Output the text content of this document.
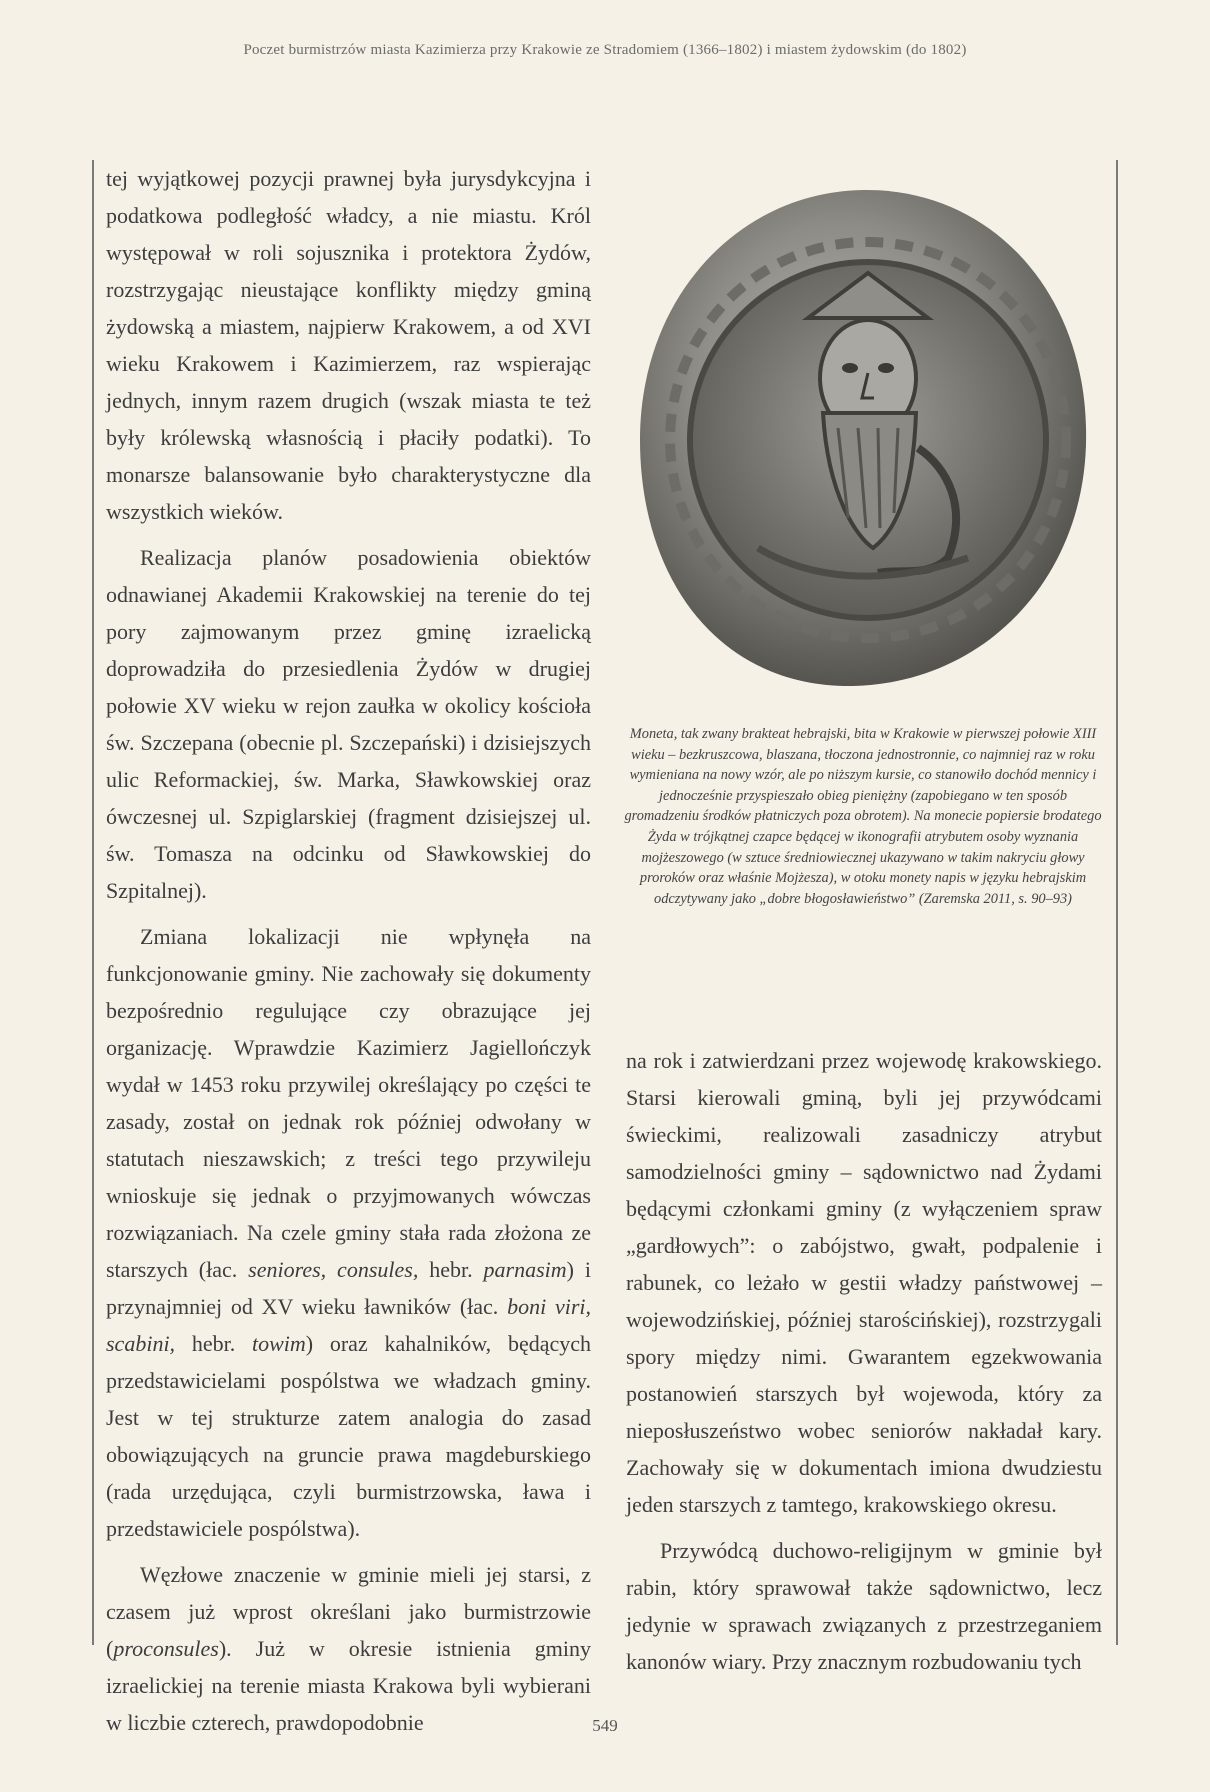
Poczet burmistrzów miasta Kazimierza przy Krakowie ze Stradomiem (1366–1802) i miastem żydowskim (do 1802)

tej wyjątkowej pozycji prawnej była jurysdykcyjna i podatkowa podległość władcy, a nie miastu. Król występował w roli sojusznika i protektora Żydów, rozstrzygając nieustające konflikty między gminą żydowską a miastem, najpierw Krakowem, a od XVI wieku Krakowem i Kazimierzem, raz wspierając jednych, innym razem drugich (wszak miasta te też były królewską własnością i płaciły podatki). To monarsze balansowanie było charakterystyczne dla wszystkich wieków.

Realizacja planów posadowienia obiektów odnawianej Akademii Krakowskiej na terenie do tej pory zajmowanym przez gminę izraelicką doprowadziła do przesiedlenia Żydów w drugiej połowie XV wieku w rejon zaułka w okolicy kościoła św. Szczepana (obecnie pl. Szczepański) i dzisiejszych ulic Reformackiej, św. Marka, Sławkowskiej oraz ówczesnej ul. Szpiglarskiej (fragment dzisiejszej ul. św. Tomasza na odcinku od Sławkowskiej do Szpitalnej).

Zmiana lokalizacji nie wpłynęła na funkcjonowanie gminy. Nie zachowały się dokumenty bezpośrednio regulujące czy obrazujące jej organizację. Wprawdzie Kazimierz Jagiellończyk wydał w 1453 roku przywilej określający po części te zasady, został on jednak rok później odwołany w statutach nieszawskich; z treści tego przywileju wnioskuje się jednak o przyjmowanych wówczas rozwiązaniach. Na czele gminy stała rada złożona ze starszych (łac. seniores, consules, hebr. parnasim) i przynajmniej od XV wieku ławników (łac. boni viri, scabini, hebr. towim) oraz kahalników, będących przedstawicielami pospólstwa we władzach gminy. Jest w tej strukturze zatem analogia do zasad obowiązujących na gruncie prawa magdeburskiego (rada urzędująca, czyli burmistrzowska, ława i przedstawiciele pospólstwa).

Węzłowe znaczenie w gminie mieli jej starsi, z czasem już wprost określani jako burmistrzowie (proconsules). Już w okresie istnienia gminy izraelickiej na terenie miasta Krakowa byli wybierani w liczbie czterech, prawdopodobnie

Moneta, tak zwany brakteat hebrajski, bita w Krakowie w pierwszej połowie XIII wieku – bezkruszcowa, blaszana, tłoczona jednostronnie, co najmniej raz w roku wymieniana na nowy wzór, ale po niższym kursie, co stanowiło dochód mennicy i jednocześnie przyspieszało obieg pieniężny (zapobiegano w ten sposób gromadzeniu środków płatniczych poza obrotem). Na monecie popiersie brodatego Żyda w trójkątnej czapce będącej w ikonografii atrybutem osoby wyznania mojżeszowego (w sztuce średniowiecznej ukazywano w takim nakryciu głowy proroków oraz właśnie Mojżesza), w otoku monety napis w języku hebrajskim odczytywany jako „dobre błogosławieństwo” (Zaremska 2011, s. 90–93)

na rok i zatwierdzani przez wojewodę krakowskiego. Starsi kierowali gminą, byli jej przywódcami świeckimi, realizowali zasadniczy atrybut samodzielności gminy – sądownictwo nad Żydami będącymi członkami gminy (z wyłączeniem spraw „gardłowych”: o zabójstwo, gwałt, podpalenie i rabunek, co leżało w gestii władzy państwowej – wojewodzińskiej, później starościńskiej), rozstrzygali spory między nimi. Gwarantem egzekwowania postanowień starszych był wojewoda, który za nieposłuszeństwo wobec seniorów nakładał kary. Zachowały się w dokumentach imiona dwudziestu jeden starszych z tamtego, krakowskiego okresu.

Przywódcą duchowo-religijnym w gminie był rabin, który sprawował także sądownictwo, lecz jedynie w sprawach związanych z przestrzeganiem kanonów wiary. Przy znacznym rozbudowaniu tych

549
